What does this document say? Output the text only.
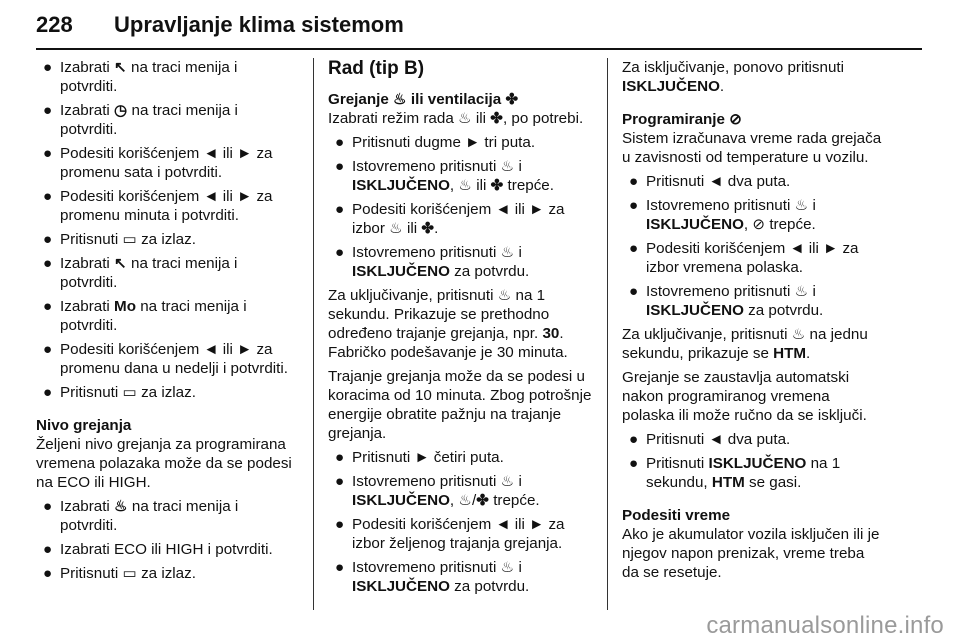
228 Upravljanje klima sistemom
● Izabrati ↖ na traci menija i potvrditi.
● Izabrati ◷ na traci menija i potvrditi.
● Podesiti korišćenjem ◄ ili ► za promenu sata i potvrditi.
● Podesiti korišćenjem ◄ ili ► za promenu minuta i potvrditi.
● Pritisnuti ▭ za izlaz.
● Izabrati ↖ na traci menija i potvrditi.
● Izabrati Mo na traci menija i potvrditi.
● Podesiti korišćenjem ◄ ili ► za promenu dana u nedelji i potvrditi.
● Pritisnuti ▭ za izlaz.
Nivo grejanja
Željeni nivo grejanja za programirana vremena polazaka može da se podesi na ECO ili HIGH.
● Izabrati ♨ na traci menija i potvrditi.
● Izabrati ECO ili HIGH i potvrditi.
● Pritisnuti ▭ za izlaz.
Rad (tip B)
Grejanje ♨ ili ventilacija ✤
Izabrati režim rada ♨ ili ✤, po potrebi.
● Pritisnuti dugme ► tri puta.
● Istovremeno pritisnuti ♨ i ISKLJUČENO, ♨ ili ✤ trepće.
● Podesiti korišćenjem ◄ ili ► za izbor ♨ ili ✤.
● Istovremeno pritisnuti ♨ i ISKLJUČENO za potvrdu.
Za uključivanje, pritisnuti ♨ na 1 sekundu. Prikazuje se prethodno određeno trajanje grejanja, npr. 30. Fabričko podešavanje je 30 minuta.
Trajanje grejanja može da se podesi u koracima od 10 minuta. Zbog potrošnje energije obratite pažnju na trajanje grejanja.
● Pritisnuti ► četiri puta.
● Istovremeno pritisnuti ♨ i ISKLJUČENO, ♨/✤ trepće.
● Podesiti korišćenjem ◄ ili ► za izbor željenog trajanja grejanja.
● Istovremeno pritisnuti ♨ i ISKLJUČENO za potvrdu.
Za isključivanje, ponovo pritisnuti ISKLJUČENO.
Programiranje ⊘
Sistem izračunava vreme rada grejača u zavisnosti od temperature u vozilu.
● Pritisnuti ◄ dva puta.
● Istovremeno pritisnuti ♨ i ISKLJUČENO, ⊘ trepće.
● Podesiti korišćenjem ◄ ili ► za izbor vremena polaska.
● Istovremeno pritisnuti ♨ i ISKLJUČENO za potvrdu.
Za uključivanje, pritisnuti ♨ na jednu sekundu, prikazuje se HTM.
Grejanje se zaustavlja automatski nakon programiranog vremena polaska ili može ručno da se isključi.
● Pritisnuti ◄ dva puta.
● Pritisnuti ISKLJUČENO na 1 sekundu, HTM se gasi.
Podesiti vreme
Ako je akumulator vozila isključen ili je njegov napon prenizak, vreme treba da se resetuje.
carmanualsonline.info
